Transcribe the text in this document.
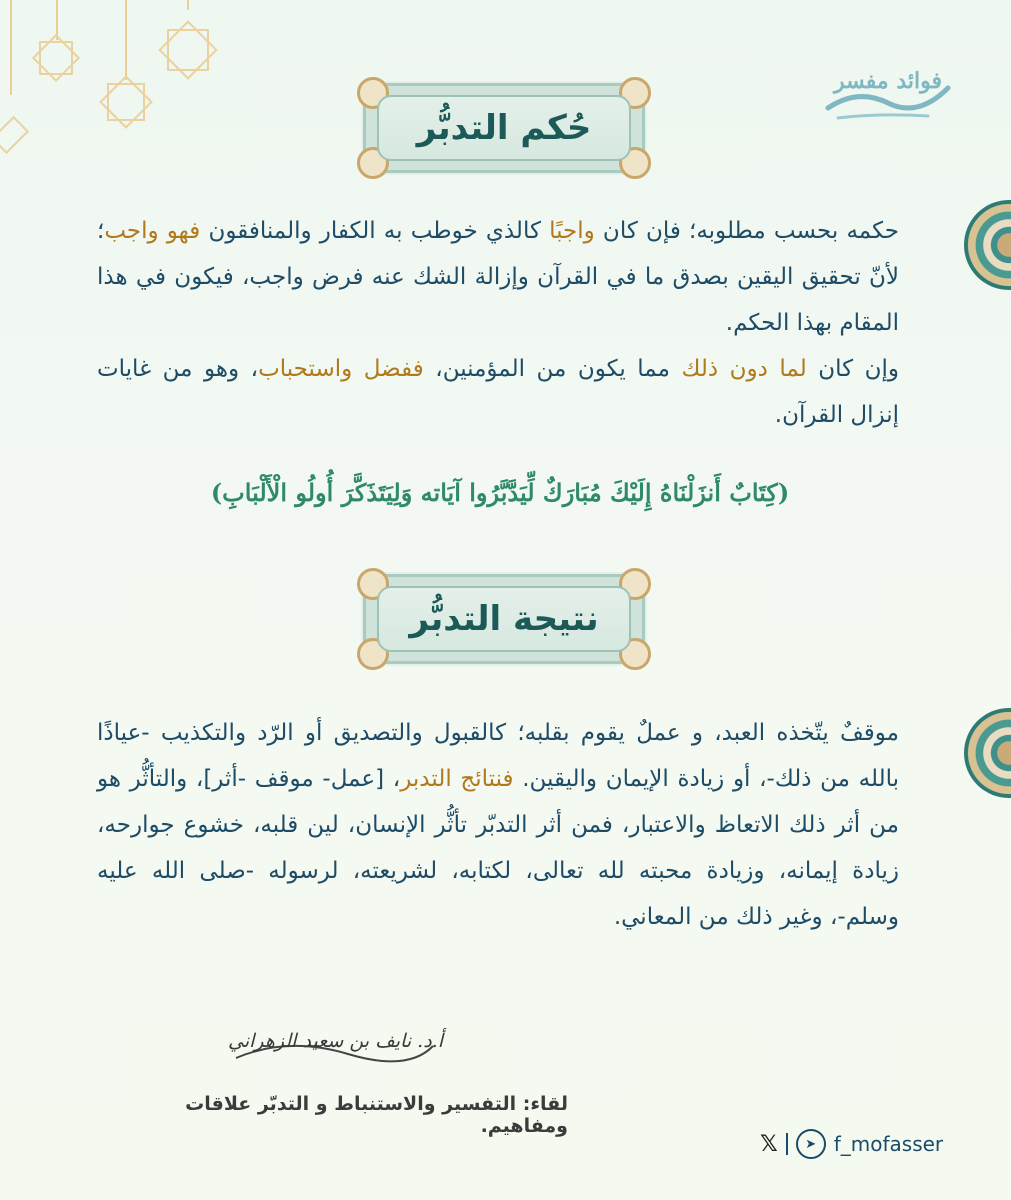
فوائد مفسر
حُكم التدبُّر

حكمه بحسب مطلوبه؛ فإن كان واجبًا كالذي خوطب به الكفار والمنافقون فهو واجب؛ لأنّ تحقيق اليقين بصدق ما في القرآن وإزالة الشك عنه فرض واجب، فيكون في هذا المقام بهذا الحكم.

وإن كان لما دون ذلك مما يكون من المؤمنين، ففضل واستحباب، وهو من غايات إنزال القرآن.

(كِتَابٌ أَنزَلْنَاهُ إِلَيْكَ مُبَارَكٌ لِّيَدَّبَّرُوا آيَاته وَلِيَتَذَكَّرَ أُولُو الْأَلْبَابِ)
نتيجة التدبُّر

موقفٌ يتّخذه العبد، و عملٌ يقوم بقلبه؛ كالقبول والتصديق أو الرّد والتكذيب -عياذًا بالله من ذلك-، أو زيادة الإيمان واليقين. فنتائج التدبر، [عمل- موقف -أثر]، والتأثُّر هو من أثر ذلك الاتعاظ والاعتبار، فمن أثر التدبّر تأثُّر الإنسان، لين قلبه، خشوع جوارحه، زيادة إيمانه، وزيادة محبته لله تعالى، لكتابه، لشريعته، لرسوله -صلى الله عليه وسلم-، وغير ذلك من المعاني.

أ.د. نايف بن سعيد الزهراني
لقاء: التفسير والاستنباط و التدبّر علاقات ومفاهيم.
𝕏	➤ f_mofasser
